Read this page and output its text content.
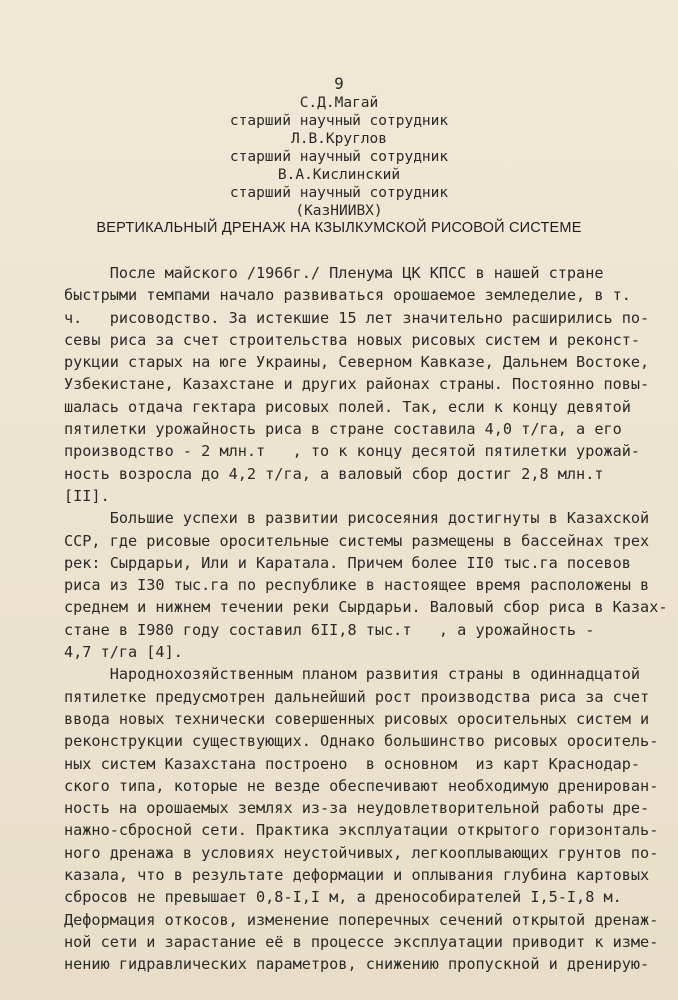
9
С.Д.Магай
старший научный сотрудник
Л.В.Круглов
старший научный сотрудник
В.А.Кислинский
старший научный сотрудник
(КазНИИВХ)
ВЕРТИКАЛЬНЫЙ ДРЕНАЖ НА КЗЫЛКУМСКОЙ РИСОВОЙ СИСТЕМЕ
После майского /1966г./ Пленума ЦК КПСС в нашей стране
быстрыми темпами начало развиваться орошаемое земледелие, в т.
ч.   рисоводство. За истекшие 15 лет значительно расширились по-
севы риса за счет строительства новых рисовых систем и реконст-
рукции старых на юге Украины, Северном Кавказе, Дальнем Востоке,
Узбекистане, Казахстане и других районах страны. Постоянно повы-
шалась отдача гектара рисовых полей. Так, если к концу девятой
пятилетки урожайность риса в стране составила 4,0 т/га, а его
производство - 2 млн.т   , то к концу десятой пятилетки урожай-
ность возросла до 4,2 т/га, а валовый сбор достиг 2,8 млн.т
[II].
Большие успехи в развитии рисосеяния достигнуты в Казахской
ССР, где рисовые оросительные системы размещены в бассейнах трех
рек: Сырдарьи, Или и Каратала. Причем более II0 тыс.га посевов
риса из I30 тыс.га по республике в настоящее время расположены в
среднем и нижнем течении реки Сырдарьи. Валовый сбор риса в Казах-
стане в I980 году составил 6II,8 тыс.т   , а урожайность -
4,7 т/га [4].
Народнохозяйственным планом развития страны в одиннадцатой
пятилетке предусмотрен дальнейший рост производства риса за счет
ввода новых технически совершенных рисовых оросительных систем и
реконструкции существующих. Однако большинство рисовых ороситель-
ных систем Казахстана построено  в основном  из карт Краснодар-
ского типа, которые не везде обеспечивают необходимую дренирован-
ность на орошаемых землях из-за неудовлетворительной работы дре-
нажно-сбросной сети. Практика эксплуатации открытого горизонталь-
ного дренажа в условиях неустойчивых, легкооплывающих грунтов по-
казала, что в результате деформации и оплывания глубина картовых
сбросов не превышает 0,8-I,I м, а дреноcобирателей I,5-I,8 м.
Деформация откосов, изменение поперечных сечений открытой дренаж-
ной сети и зарастание её в процессе эксплуатации приводит к изме-
нению гидравлических параметров, снижению пропускной и дренирую-
